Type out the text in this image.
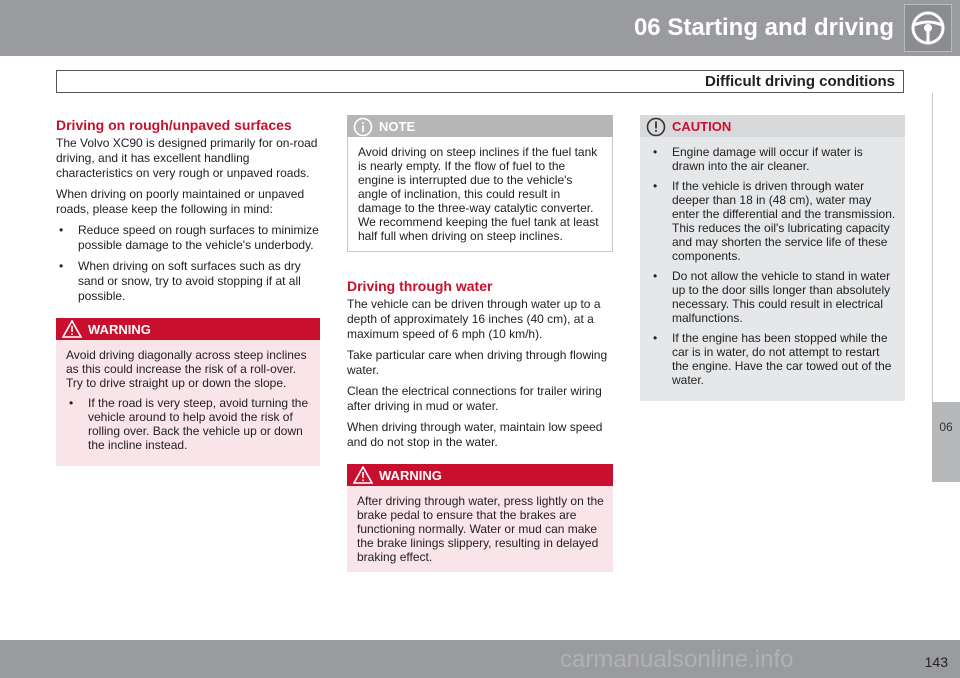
06 Starting and driving
Difficult driving conditions
06
Driving on rough/unpaved surfaces

The Volvo XC90 is designed primarily for on-road driving, and it has excellent handling characteristics on very rough or unpaved roads.

When driving on poorly maintained or unpaved roads, please keep the following in mind:

• Reduce speed on rough surfaces to minimize possible damage to the vehicle's underbody.
• When driving on soft surfaces such as dry sand or snow, try to avoid stopping if at all possible.
WARNING

Avoid driving diagonally across steep inclines as this could increase the risk of a roll-over. Try to drive straight up or down the slope.

• If the road is very steep, avoid turning the vehicle around to help avoid the risk of rolling over. Back the vehicle up or down the incline instead.
NOTE

Avoid driving on steep inclines if the fuel tank is nearly empty. If the flow of fuel to the engine is interrupted due to the vehicle's angle of inclination, this could result in damage to the three-way catalytic converter. We recommend keeping the fuel tank at least half full when driving on steep inclines.

Driving through water

The vehicle can be driven through water up to a depth of approximately 16 inches (40 cm), at a maximum speed of 6 mph (10 km/h).

Take particular care when driving through flowing water.

Clean the electrical connections for trailer wiring after driving in mud or water.

When driving through water, maintain low speed and do not stop in the water.

WARNING

After driving through water, press lightly on the brake pedal to ensure that the brakes are functioning normally. Water or mud can make the brake linings slippery, resulting in delayed braking effect.

CAUTION
• Engine damage will occur if water is drawn into the air cleaner.
• If the vehicle is driven through water deeper than 18 in (48 cm), water may enter the differential and the transmission. This reduces the oil's lubricating capacity and may shorten the service life of these components.
• Do not allow the vehicle to stand in water up to the door sills longer than absolutely necessary. This could result in electrical malfunctions.
• If the engine has been stopped while the car is in water, do not attempt to restart the engine. Have the car towed out of the water.
143
carmanualsonline.info
